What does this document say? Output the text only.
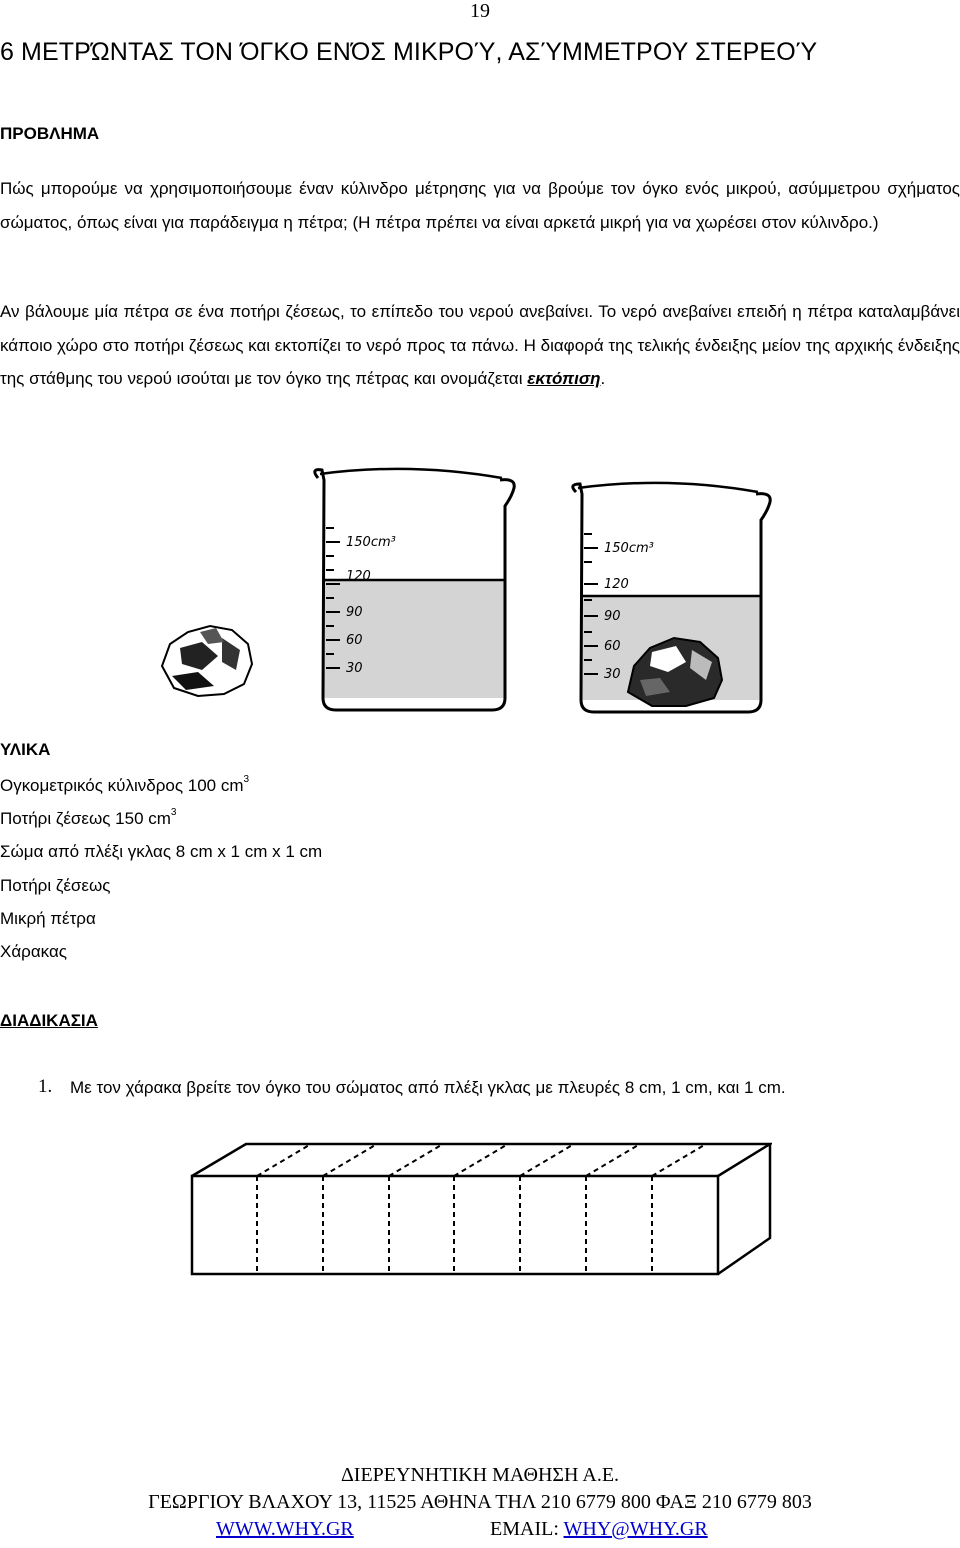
19
6 ΜΕΤΡΏΝΤΑΣ ΤΟΝ ΌΓΚΟ ΕΝΌΣ ΜΙΚΡΟΎ, ΑΣΎΜΜΕΤΡΟΥ ΣΤΕΡΕΟΎ
ΠΡΟΒΛΗΜΑ
Πώς μπορούμε να χρησιμοποιήσουμε έναν κύλινδρο μέτρησης για να βρούμε τον όγκο ενός μικρού, ασύμμετρου σχήματος σώματος, όπως είναι για παράδειγμα η πέτρα; (Η πέτρα πρέπει να είναι αρκετά μικρή για να χωρέσει στον κύλινδρο.)
Αν βάλουμε μία πέτρα σε ένα ποτήρι ζέσεως, το επίπεδο του νερού ανεβαίνει. Το νερό ανεβαίνει επειδή η πέτρα καταλαμβάνει κάποιο χώρο στο ποτήρι ζέσεως και εκτοπίζει το νερό προς τα πάνω. Η διαφορά της τελικής ένδειξης μείον της αρχικής ένδειξης της στάθμης του νερού ισούται με τον όγκο της πέτρας και ονομάζεται εκτόπιση.
150cm³
120
90
60
30
150cm³
120
90
60
30
ΥΛΙΚΑ
Ογκομετρικός κύλινδρος 100 $cm^3$
Ποτήρι ζέσεως 150 $cm^3$
Σώμα από πλέξι γκλας 8 cm x 1 cm x 1 cm
Ποτήρι ζέσεως
Μικρή πέτρα
Χάρακας
ΔΙΑΔΙΚΑΣΙΑ
1. Με τον χάρακα βρείτε τον όγκο του σώματος από πλέξι γκλας με πλευρές 8 cm, 1 cm, και 1 cm.
ΔΙΕΡΕΥΝΗΤΙΚΗ ΜΑΘΗΣΗ Α.Ε.
ΓΕΩΡΓΙΟΥ ΒΛΑΧΟΥ 13, 11525 ΑΘΗΝΑ ΤΗΛ 210 6779 800 ΦΑΞ 210 6779 803
WWW.WHY.GR	EMAIL: WHY@WHY.GR
